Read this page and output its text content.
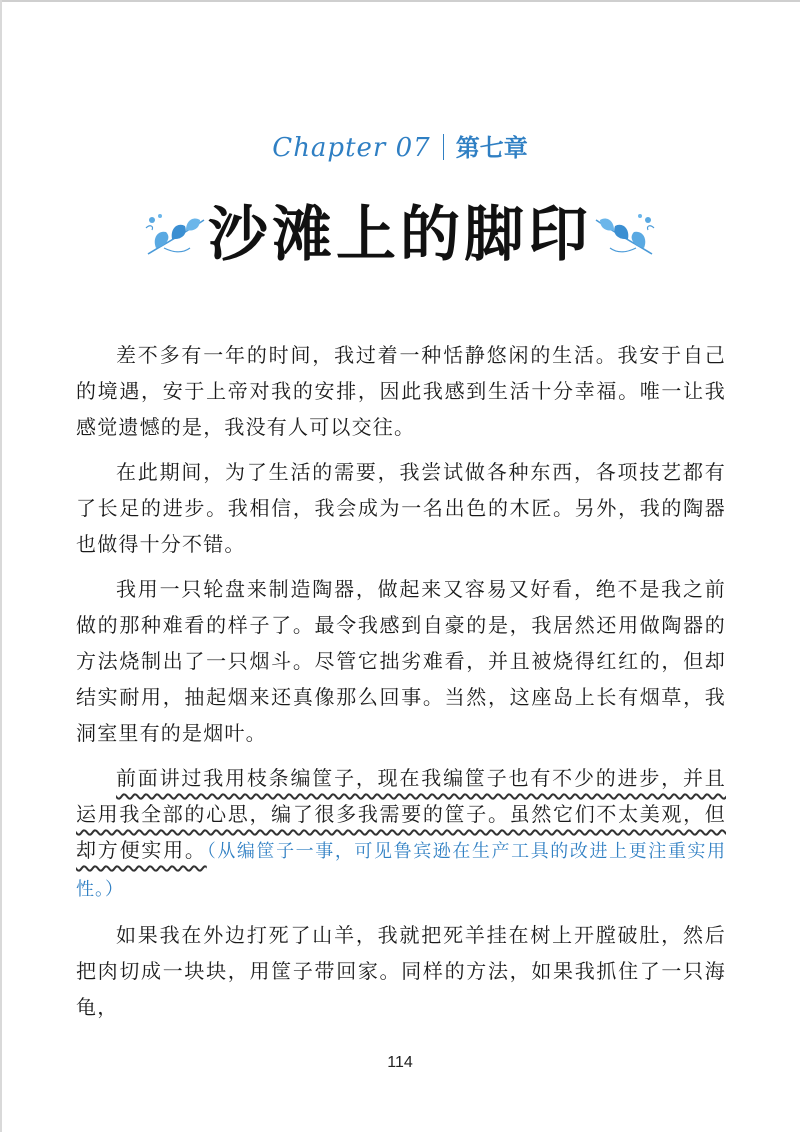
Chapter 07 第七章
沙滩上的脚印

差不多有一年的时间，我过着一种恬静悠闲的生活。我安于自己的境遇，安于上帝对我的安排，因此我感到生活十分幸福。唯一让我感觉遗憾的是，我没有人可以交往。

在此期间，为了生活的需要，我尝试做各种东西，各项技艺都有了长足的进步。我相信，我会成为一名出色的木匠。另外，我的陶器也做得十分不错。

我用一只轮盘来制造陶器，做起来又容易又好看，绝不是我之前做的那种难看的样子了。最令我感到自豪的是，我居然还用做陶器的方法烧制出了一只烟斗。尽管它拙劣难看，并且被烧得红红的，但却结实耐用，抽起烟来还真像那么回事。当然，这座岛上长有烟草，我洞室里有的是烟叶。

前面讲过我用枝条编筐子，现在我编筐子也有不少的进步，并且运用我全部的心思，编了很多我需要的筐子。虽然它们不太美观，但却方便实用。（从编筐子一事，可见鲁宾逊在生产工具的改进上更注重实用性。）

如果我在外边打死了山羊，我就把死羊挂在树上开膛破肚，然后把肉切成一块块，用筐子带回家。同样的方法，如果我抓住了一只海龟，

114
